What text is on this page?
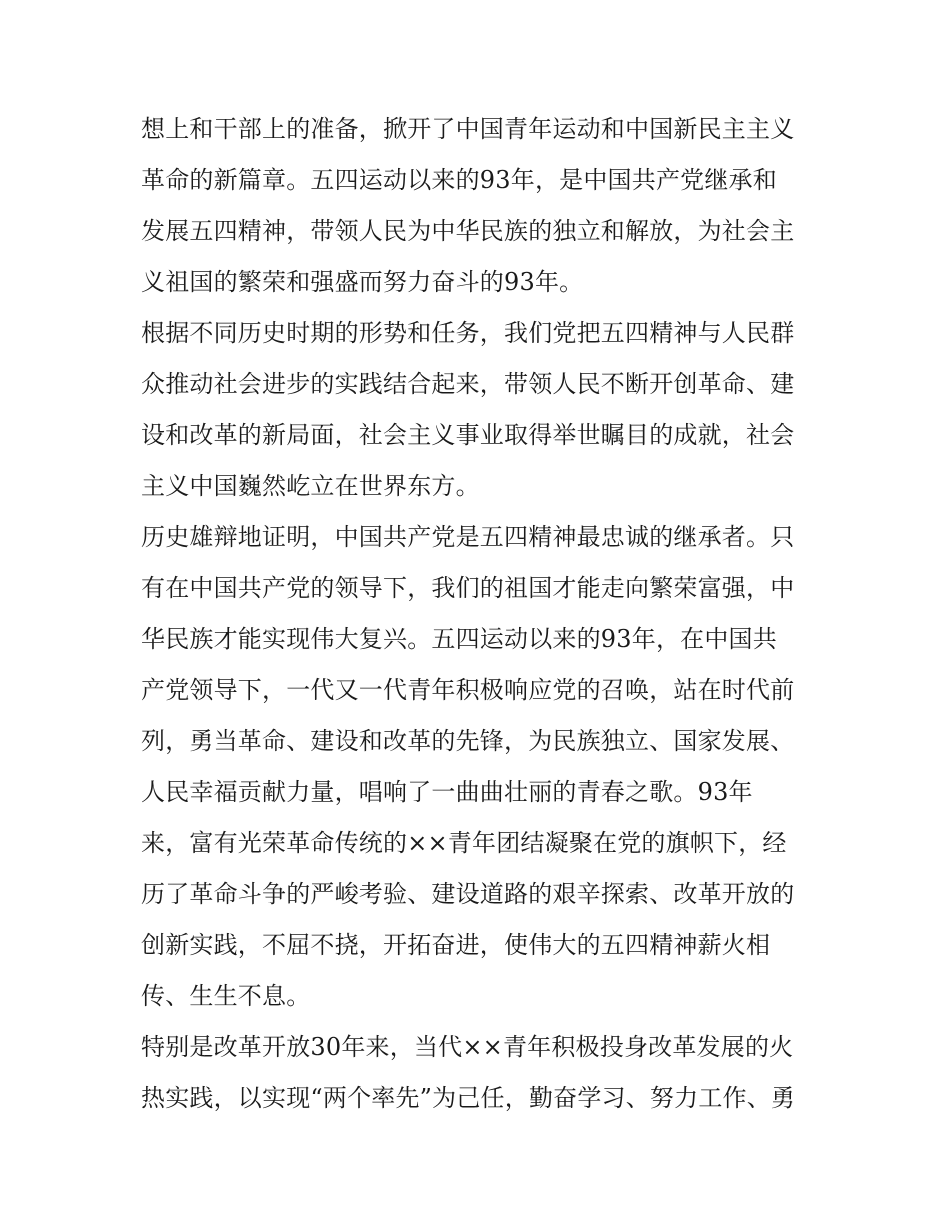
想上和干部上的准备，掀开了中国青年运动和中国新民主主义
革命的新篇章。五四运动以来的93年，是中国共产党继承和
发展五四精神，带领人民为中华民族的独立和解放，为社会主
义祖国的繁荣和强盛而努力奋斗的93年。
根据不同历史时期的形势和任务，我们党把五四精神与人民群
众推动社会进步的实践结合起来，带领人民不断开创革命、建
设和改革的新局面，社会主义事业取得举世瞩目的成就，社会
主义中国巍然屹立在世界东方。
历史雄辩地证明，中国共产党是五四精神最忠诚的继承者。只
有在中国共产党的领导下，我们的祖国才能走向繁荣富强，中
华民族才能实现伟大复兴。五四运动以来的93年，在中国共
产党领导下，一代又一代青年积极响应党的召唤，站在时代前
列，勇当革命、建设和改革的先锋，为民族独立、国家发展、
人民幸福贡献力量，唱响了一曲曲壮丽的青春之歌。93年
来，富有光荣革命传统的××青年团结凝聚在党的旗帜下，经
历了革命斗争的严峻考验、建设道路的艰辛探索、改革开放的
创新实践，不屈不挠，开拓奋进，使伟大的五四精神薪火相
传、生生不息。
特别是改革开放30年来，当代××青年积极投身改革发展的火
热实践，以实现“两个率先”为己任，勤奋学习、努力工作、勇
